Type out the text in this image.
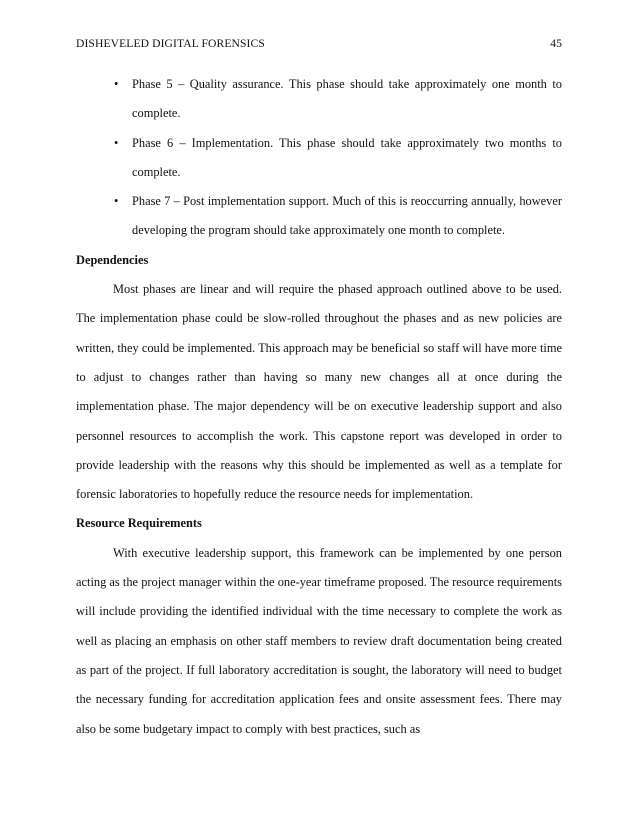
DISHEVELED DIGITAL FORENSICS	45
• Phase 5 – Quality assurance. This phase should take approximately one month to complete.
• Phase 6 – Implementation. This phase should take approximately two months to complete.
• Phase 7 – Post implementation support. Much of this is reoccurring annually, however developing the program should take approximately one month to complete.
Dependencies

Most phases are linear and will require the phased approach outlined above to be used. The implementation phase could be slow-rolled throughout the phases and as new policies are written, they could be implemented. This approach may be beneficial so staff will have more time to adjust to changes rather than having so many new changes all at once during the implementation phase. The major dependency will be on executive leadership support and also personnel resources to accomplish the work. This capstone report was developed in order to provide leadership with the reasons why this should be implemented as well as a template for forensic laboratories to hopefully reduce the resource needs for implementation.

Resource Requirements

With executive leadership support, this framework can be implemented by one person acting as the project manager within the one-year timeframe proposed. The resource requirements will include providing the identified individual with the time necessary to complete the work as well as placing an emphasis on other staff members to review draft documentation being created as part of the project. If full laboratory accreditation is sought, the laboratory will need to budget the necessary funding for accreditation application fees and onsite assessment fees. There may also be some budgetary impact to comply with best practices, such as
